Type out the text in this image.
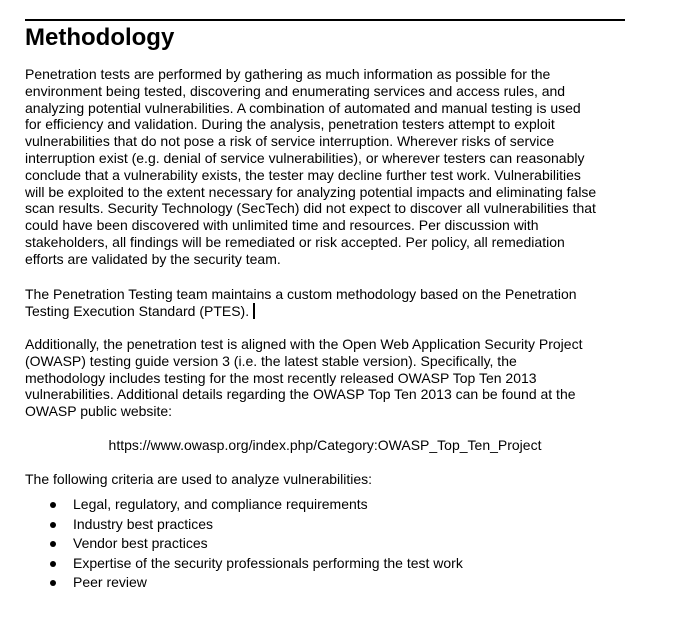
Methodology
Penetration tests are performed by gathering as much information as possible for the
environment being tested, discovering and enumerating services and access rules, and
analyzing potential vulnerabilities. A combination of automated and manual testing is used
for efficiency and validation. During the analysis, penetration testers attempt to exploit
vulnerabilities that do not pose a risk of service interruption. Wherever risks of service
interruption exist (e.g. denial of service vulnerabilities), or wherever testers can reasonably
conclude that a vulnerability exists, the tester may decline further test work. Vulnerabilities
will be exploited to the extent necessary for analyzing potential impacts and eliminating false
scan results. Security Technology (SecTech) did not expect to discover all vulnerabilities that
could have been discovered with unlimited time and resources. Per discussion with
stakeholders, all findings will be remediated or risk accepted. Per policy, all remediation
efforts are validated by the security team.
The Penetration Testing team maintains a custom methodology based on the Penetration
Testing Execution Standard (PTES).
Additionally, the penetration test is aligned with the Open Web Application Security Project
(OWASP) testing guide version 3 (i.e. the latest stable version). Specifically, the
methodology includes testing for the most recently released OWASP Top Ten 2013
vulnerabilities. Additional details regarding the OWASP Top Ten 2013 can be found at the
OWASP public website:
https://www.owasp.org/index.php/Category:OWASP_Top_Ten_Project
The following criteria are used to analyze vulnerabilities:
Legal, regulatory, and compliance requirements
Industry best practices
Vendor best practices
Expertise of the security professionals performing the test work
Peer review
